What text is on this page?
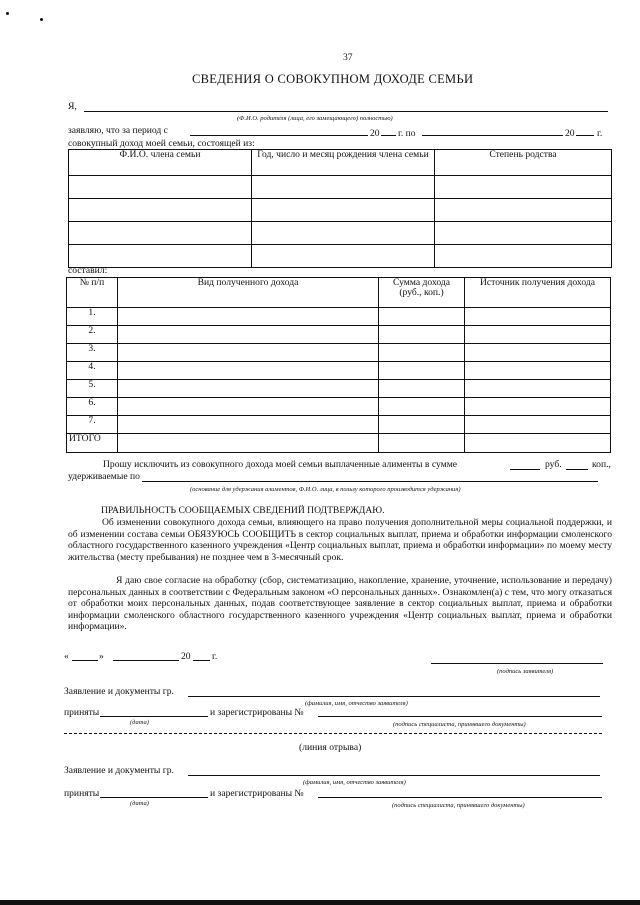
37
СВЕДЕНИЯ О СОВОКУПНОМ ДОХОДЕ СЕМЬИ
Я,
(Ф.И.О. родителя (лица, его замещающего) полностью)
заявляю, что за период с	20 г. по	20 г.
совокупный доход моей семьи, состоящей из:
Ф.И.О. члена семьи	Год, число и месяц рождения члена семьи	Степень родства

составил:
№ п/п	Вид полученного дохода	Сумма дохода (руб., коп.)	Источник получения дохода
1.			
2.			
3.			
4.			
5.			
6.			
7.			
ИТОГО			
Прошу исключить из совокупного дохода моей семьи выплаченные алименты в сумме	руб.	коп.,
удерживаемые по
(основание для удержания алиментов, Ф.И.О. лица, в пользу которого производится удержания)
ПРАВИЛЬНОСТЬ СООБЩАЕМЫХ СВЕДЕНИЙ ПОДТВЕРЖДАЮ.
Об изменении совокупного дохода семьи, влияющего на право получения дополнительной меры социальной поддержки, и об изменении состава семьи ОБЯЗУЮСЬ СООБЩИТЬ в сектор социальных выплат, приема и обработки информации смоленского областного государственного казенного учреждения «Центр социальных выплат, приема и обработки информации» по моему месту жительства (месту пребывания) не позднее чем в 3-месячный срок.
Я даю свое согласие на обработку (сбор, систематизацию, накопление, хранение, уточнение, использование и передачу) персональных данных в соответствии с Федеральным законом «О персональных данных». Ознакомлен(а) с тем, что могу отказаться от обработки моих персональных данных, подав соответствующее заявление в сектор социальных выплат, приема и обработки информации смоленского областного государственного казенного учреждения «Центр социальных выплат, приема и обработки информации».
«	»	20 г.
(подпись заявителя)
Заявление и документы гр.
(фамилия, имя, отчество заявителя)
приняты	и зарегистрированы №
(дата)	(подпись специалиста, принявшего документы)
(линия отрыва)
Заявление и документы гр.
(фамилия, имя, отчество заявителя)
приняты	и зарегистрированы №
(дата)	(подпись специалиста, принявшего документы)
